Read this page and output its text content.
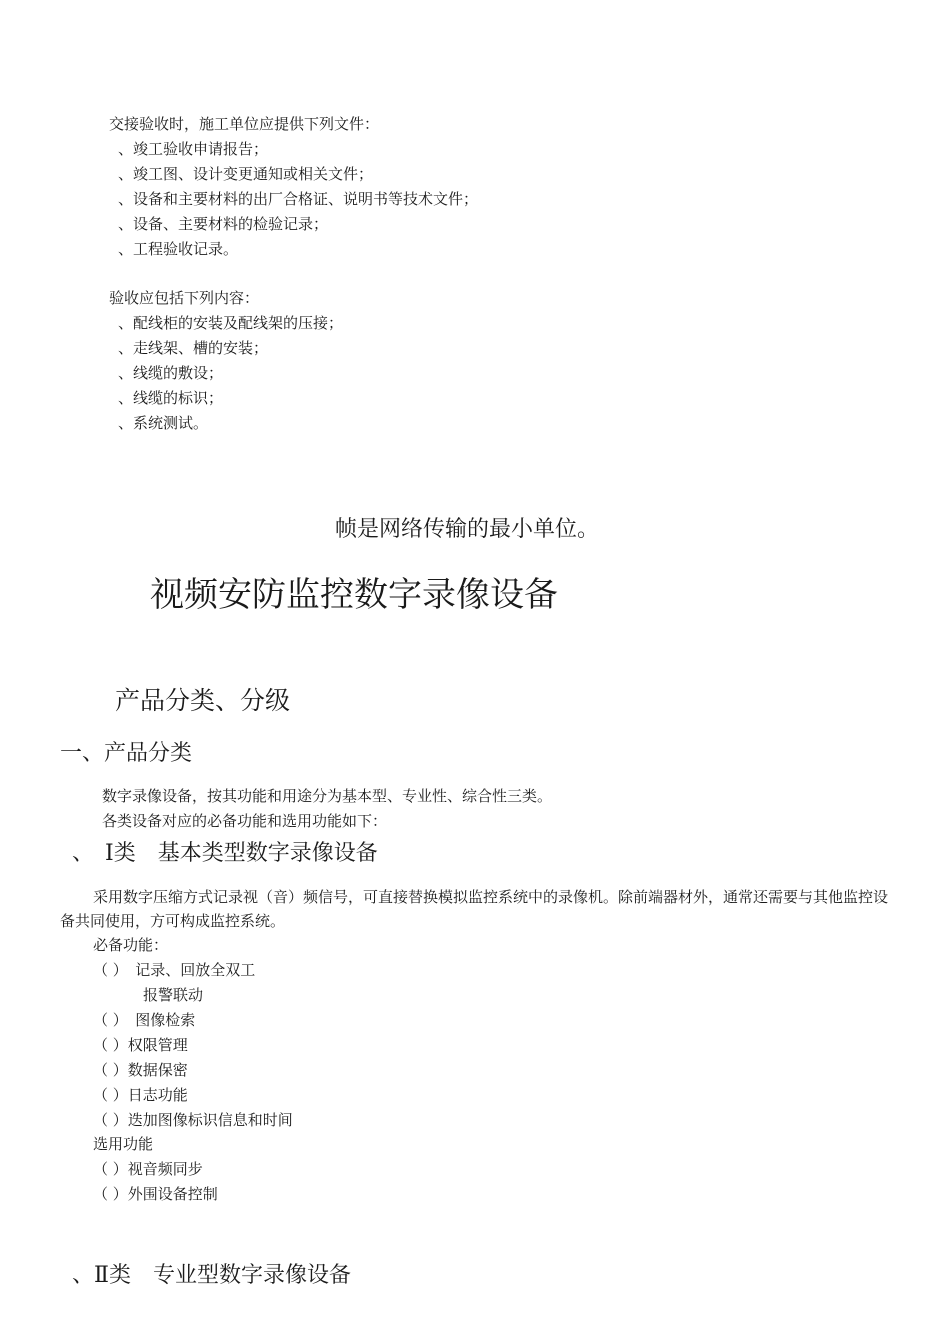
交接验收时，施工单位应提供下列文件：
、竣工验收申请报告；
、竣工图、设计变更通知或相关文件；
、设备和主要材料的出厂合格证、说明书等技术文件；
、设备、主要材料的检验记录；
、工程验收记录。
验收应包括下列内容：
、配线柜的安装及配线架的压接；
、走线架、槽的安装；
、线缆的敷设；
、线缆的标识；
、系统测试。
帧是网络传输的最小单位。
视频安防监控数字录像设备
产品分类、分级
一、产品分类
数字录像设备，按其功能和用途分为基本型、专业性、综合性三类。
各类设备对应的必备功能和选用功能如下：
、　Ⅰ类　基本类型数字录像设备
采用数字压缩方式记录视（音）频信号，可直接替换模拟监控系统中的录像机。除前端器材外，通常还需要与其他监控设备共同使用，方可构成监控系统。
必备功能：
（ ）　记录、回放全双工
报警联动
（ ）　图像检索
（ ）权限管理
（ ）数据保密
（ ）日志功能
（ ）迭加图像标识信息和时间
选用功能
（ ）视音频同步
（ ）外围设备控制
、Ⅱ类　专业型数字录像设备
